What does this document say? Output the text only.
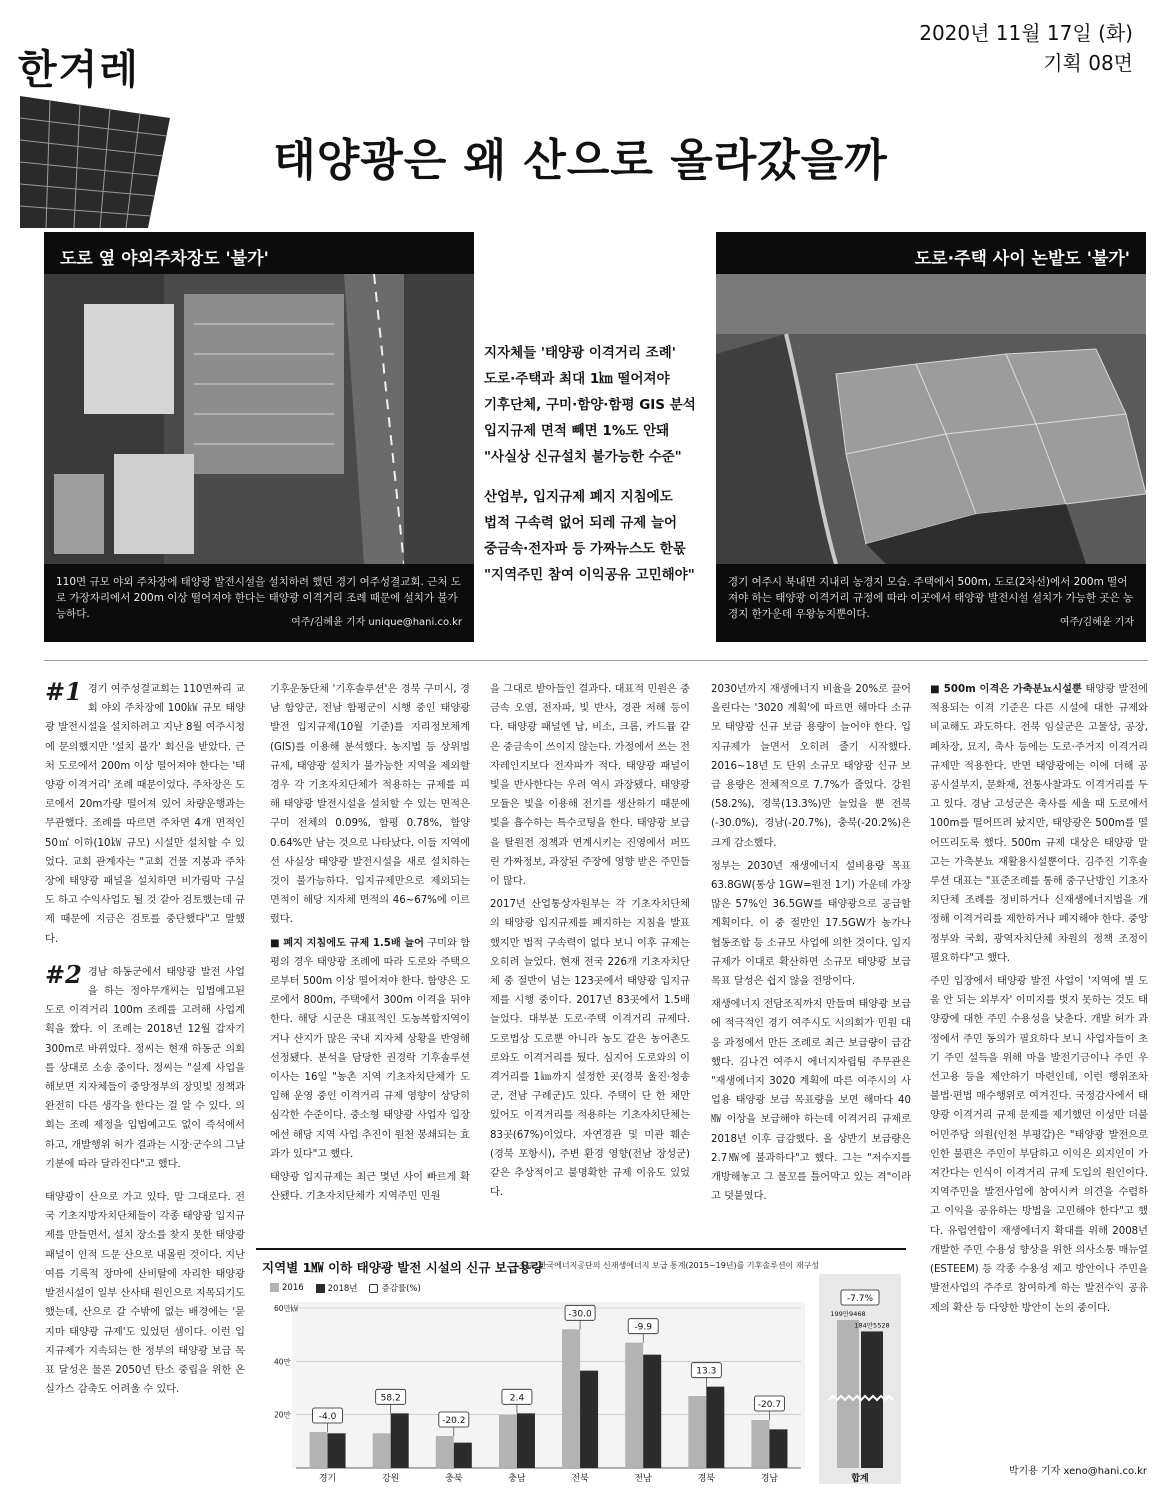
한겨레
2020년 11월 17일 (화)
기획 08면
태양광은 왜 산으로 올라갔을까
도로 옆 야외주차장도 '불가'
110면 규모 야외 주차장에 태양광 발전시설을 설치하려 했던 경기 여주성결교회. 근처 도로 가장자리에서 200m 이상 떨어져야 한다는 태양광 이격거리 조례 때문에 설치가 불가능하다.
여주/김혜윤 기자 unique@hani.co.kr
도로·주택 사이 논밭도 '불가'
경기 여주시 북내면 지내리 농경지 모습. 주택에서 500m, 도로(2차선)에서 200m 떨어져야 하는 태양광 이격거리 규정에 따라 이곳에서 태양광 발전시설 설치가 가능한 곳은 농경지 한가운데 우왕농지뿐이다.
여주/김혜윤 기자

지자체들 '태양광 이격거리 조례'

도로·주택과 최대 1㎞ 떨어져야

기후단체, 구미·함양·함평 GIS 분석

입지규제 면적 빼면 1%도 안돼

"사실상 신규설치 불가능한 수준"

산업부, 입지규제 폐지 지침에도

법적 구속력 없어 되레 규제 늘어

중금속·전자파 등 가짜뉴스도 한몫

"지역주민 참여 이익공유 고민해야"

#1 경기 여주성결교회는 110면짜리 교회 야외 주차장에 100㎾ 규모 태양광 발전시설을 설치하려고 지난 8월 여주시청에 문의했지만 '설치 불가' 회신을 받았다. 근처 도로에서 200m 이상 떨어져야 한다는 '태양광 이격거리' 조례 때문이었다. 주차장은 도로에서 20m가량 떨어져 있어 차량운행과는 무관했다. 조례를 따르면 주차면 4개 면적인 50㎡ 이하(10㎾ 규모) 시설만 설치할 수 있었다. 교회 관계자는 "교회 건물 지붕과 주차장에 태양광 패널을 설치하면 비가림막 구실도 하고 수익사업도 될 것 같아 검토했는데 규제 때문에 지금은 검토를 중단했다"고 말했다.

#2 경남 하동군에서 태양광 발전 사업을 하는 정아무개씨는 입법예고된 도로 이격거리 100m 조례를 고려해 사업계획을 짰다. 이 조례는 2018년 12월 갑자기 300m로 바뀌었다. 정씨는 현재 하동군 의회를 상대로 소송 중이다. 정씨는 "실제 사업을 해보면 지자체들이 중앙정부의 장밋빛 정책과 완전히 다른 생각을 한다는 걸 알 수 있다. 의회는 조례 제정을 입법예고도 없이 즉석에서 하고, 개발행위 허가 결과는 시장·군수의 그날 기분에 따라 달라진다"고 했다.

태양광이 산으로 가고 있다. 말 그대로다. 전국 기초지방자치단체들이 각종 태양광 입지규제를 만들면서, 설치 장소를 찾지 못한 태양광 패널이 인적 드문 산으로 내몰린 것이다. 지난여름 기록적 장마에 산비탈에 자리한 태양광 발전시설이 일부 산사태 원인으로 지목되기도 했는데, 산으로 갈 수밖에 없는 배경에는 '묻지마 태양광 규제'도 있었던 셈이다. 이런 입지규제가 지속되는 한 정부의 태양광 보급 목표 달성은 물론 2050년 탄소 중립을 위한 온실가스 감축도 어려울 수 있다.

기후운동단체 '기후솔루션'은 경북 구미시, 경남 함양군, 전남 함평군이 시행 중인 태양광 발전 입지규제(10월 기준)를 지리정보체계(GIS)를 이용해 분석했다. 농지법 등 상위법 규제, 태양광 설치가 불가능한 지역을 제외할 경우 각 기초자치단체가 적용하는 규제를 피해 태양광 발전시설을 설치할 수 있는 면적은 구미 전체의 0.09%, 함평 0.78%, 함양 0.64%만 남는 것으로 나타났다. 이들 지역에선 사실상 태양광 발전시설을 새로 설치하는 것이 불가능하다. 입지규제만으로 제외되는 면적이 해당 지자체 면적의 46~67%에 이르렀다.

■ 폐지 지침에도 규제 1.5배 늘어 구미와 함평의 경우 태양광 조례에 따라 도로와 주택으로부터 500m 이상 떨어져야 한다. 함양은 도로에서 800m, 주택에서 300m 이격을 뒤야 한다. 해당 시군은 대표적인 도농복합지역이거나 산지가 많은 국내 지자체 상황을 반영해 선정됐다. 분석을 담당한 권경락 기후솔루션 이사는 16일 "농촌 지역 기초자치단체가 도입해 운영 중인 이격거리 규제 영향이 상당히 심각한 수준이다. 중소형 태양광 사업자 입장에선 해당 지역 사업 추진이 원천 봉쇄되는 효과가 있다"고 했다.

태양광 입지규제는 최근 몇년 사이 빠르게 확산됐다. 기초자치단체가 지역주민 민원

을 그대로 받아들인 결과다. 대표적 민원은 중금속 오염, 전자파, 빛 반사, 경관 저해 등이다. 태양광 패널엔 납, 비소, 크롬, 카드뮴 같은 중금속이 쓰이지 않는다. 가정에서 쓰는 전자레인지보다 전자파가 적다. 태양광 패널이 빛을 반사한다는 우려 역시 과장됐다. 태양광 모듈은 빛을 이용해 전기를 생산하기 때문에 빛을 흡수하는 특수코팅을 한다. 태양광 보급을 탈원전 정책과 연계시키는 진영에서 퍼뜨린 가짜정보, 과장된 주장에 영향 받은 주민들이 많다.

2017년 산업통상자원부는 각 기초자치단체의 태양광 입지규제를 폐지하는 지침을 발표했지만 법적 구속력이 없다 보니 이후 규제는 오히려 늘었다. 현재 전국 226개 기초자치단체 중 절반이 넘는 123곳에서 태양광 입지규제를 시행 중이다. 2017년 83곳에서 1.5배 늘었다. 대부분 도로·주택 이격거리 규제다. 도로법상 도로뿐 아니라 농도 같은 농어촌도로와도 이격거리를 뒀다. 심지어 도로와의 이격거리를 1㎞까지 설정한 곳(경북 울진·청송군, 전남 구례군)도 있다. 주택이 단 한 채만 있어도 이격거리를 적용하는 기초자치단체는 83곳(67%)이었다. 자연경관 및 미관 훼손(경북 포항시), 주변 환경 영향(전남 장성군) 같은 추상적이고 불명확한 규제 이유도 있었다.

2030년까지 재생에너지 비율을 20%로 끌어올린다는 '3020 계획'에 따르면 해마다 소규모 태양광 신규 보급 용량이 늘어야 한다. 입지규제가 늘면서 오히려 줄기 시작했다. 2016~18년 도 단위 소규모 태양광 신규 보급 용량은 전체적으로 7.7%가 줄었다. 강원(58.2%), 경북(13.3%)만 늘었을 뿐 전북(-30.0%), 경남(-20.7%), 충북(-20.2%)은 크게 감소했다.

정부는 2030년 재생에너지 설비용량 목표 63.8GW(통상 1GW=원전 1기) 가운데 가장 많은 57%인 36.5GW를 태양광으로 공급할 계획이다. 이 중 절반인 17.5GW가 농가나 협동조합 등 소규모 사업에 의한 것이다. 입지규제가 이대로 확산하면 소규모 태양광 보급 목표 달성은 쉽지 않을 전망이다.

재생에너지 전담조직까지 만들며 태양광 보급에 적극적인 경기 여주시도 시의회가 민원 대응 과정에서 만든 조례로 최근 보급량이 급감했다. 김나건 여주시 에너지자립팀 주무관은 "재생에너지 3020 계획에 따른 여주시의 사업용 태양광 보급 목표량을 보면 해마다 40㎿ 이상을 보급해야 하는데 이격거리 규제로 2018년 이후 급감했다. 올 상반기 보급량은 2.7㎿에 불과하다"고 했다. 그는 "저수지를 개방해놓고 그 물꼬를 틀어막고 있는 격"이라고 덧붙였다.

■ 500m 이격은 가축분뇨시설뿐 태양광 발전에 적용되는 이격 기준은 다른 시설에 대한 규제와 비교해도 과도하다. 전북 임실군은 고물상, 공장, 폐차장, 묘지, 축사 등에는 도로·주거지 이격거리 규제만 적용한다. 반면 태양광에는 이에 더해 공공시설부지, 문화재, 전통사찰과도 이격거리를 두고 있다. 경남 고성군은 축사를 세울 때 도로에서 100m를 떨어뜨려 놨지만, 태양광은 500m를 떨어뜨리도록 했다. 500m 규제 대상은 태양광 말고는 가축분뇨 재활용시설뿐이다. 김주진 기후솔루션 대표는 "표준조례를 통해 중구난방인 기초자치단체 조례를 정비하거나 신재생에너지법을 개정해 이격거리를 제한하거나 폐지해야 한다. 중앙정부와 국회, 광역자치단체 차원의 정책 조정이 필요하다"고 했다.

주민 입장에서 태양광 발전 사업이 '지역에 별 도움 안 되는 외부자' 이미지를 벗지 못하는 것도 태양광에 대한 주민 수용성을 낮춘다. 개발 허가 과정에서 주민 동의가 필요하다 보니 사업자들이 초기 주민 설득을 위해 마을 발전기금이나 주민 우선고용 등을 제안하기 마련인데, 이런 행위조차 불법·편법 매수행위로 여겨진다. 국정감사에서 태양광 이격거리 규제 문제를 제기했던 이성만 더불어민주당 의원(인천 부평갑)은 "태양광 발전으로 인한 불편은 주민이 부담하고 이익은 외지인이 가져간다는 인식이 이격거리 규제 도입의 원인이다. 지역주민을 발전사업에 참여시켜 의견을 수렴하고 이익을 공유하는 방법을 고민해야 한다"고 했다. 유럽연합이 재생에너지 확대를 위해 2008년 개발한 주민 수용성 향상을 위한 의사소통 매뉴얼(ESTEEM) 등 각종 수용성 제고 방안이나 주민을 발전사업의 주주로 참여하게 하는 발전수익 공유제의 확산 등 다양한 방안이 논의 중이다.

60만㎾
40만
20만
경기
-4.0
강원
58.2
충북
-20.2
충남
2.4
전북
-30.0
전남
-9.9
경북
13.3
경남
-20.7
199만9468
184만5528
-7.7%
합계
지역별 1㎿ 이하 태양광 발전 시설의 신규 보급용량
자료: 한국에너지공단의 신재생에너지 보급 통계(2015~19년)를 기후솔루션이 재구성
2016	2018년	증감률(%)
박기용 기자 xeno@hani.co.kr
